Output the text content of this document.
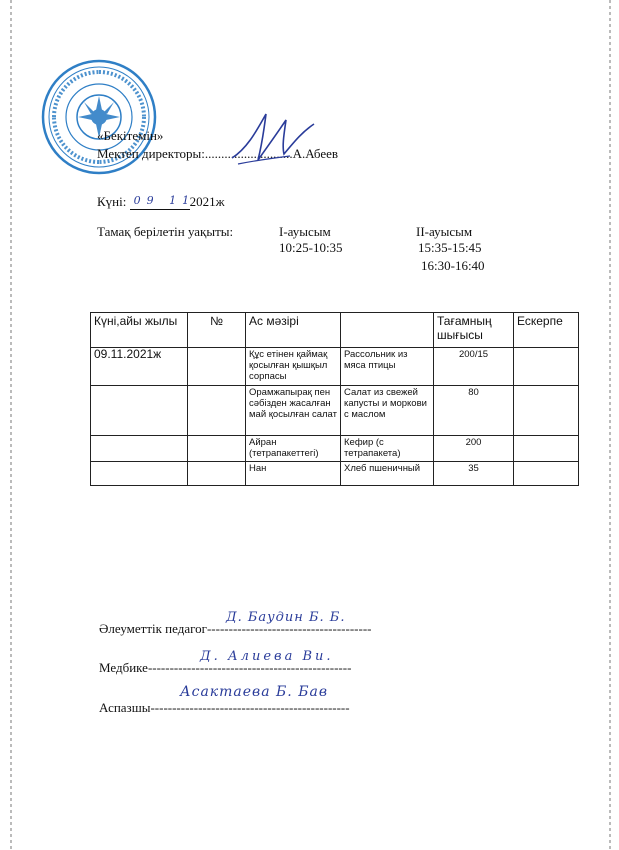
«Бекітемін»
Мектеп директоры:...........................А.Абеев
Күні: 09 11
2021ж
Тамақ берілетін уақыты:	I-ауысым
10:25-10:35
II-ауысым
15:35-15:45
16:30-16:40
Күні,айы жылы	№	Ас мәзірі		Тағамның шығысы	Ескерпе
09.11.2021ж		Құс етінен қаймақ қосылған қышқыл сорпасы	Рассольник из мяса птицы	200/15	
		Орамжапырақ пен сәбізден жасалған май қосылған салат	Салат из свежей капусты и моркови с маслом	80	
		Айран (тетрапакеттегі)	Кефир (с тетрапакета)	200	
		Нан	Хлеб пшеничный	35	
Әлеуметтік педагог--------------------------------------
Д. Баудин Б. Б.
Медбике-----------------------------------------------
Д. Алиева Ви.
Аспазшы----------------------------------------------
Асактаева Б. Бав
